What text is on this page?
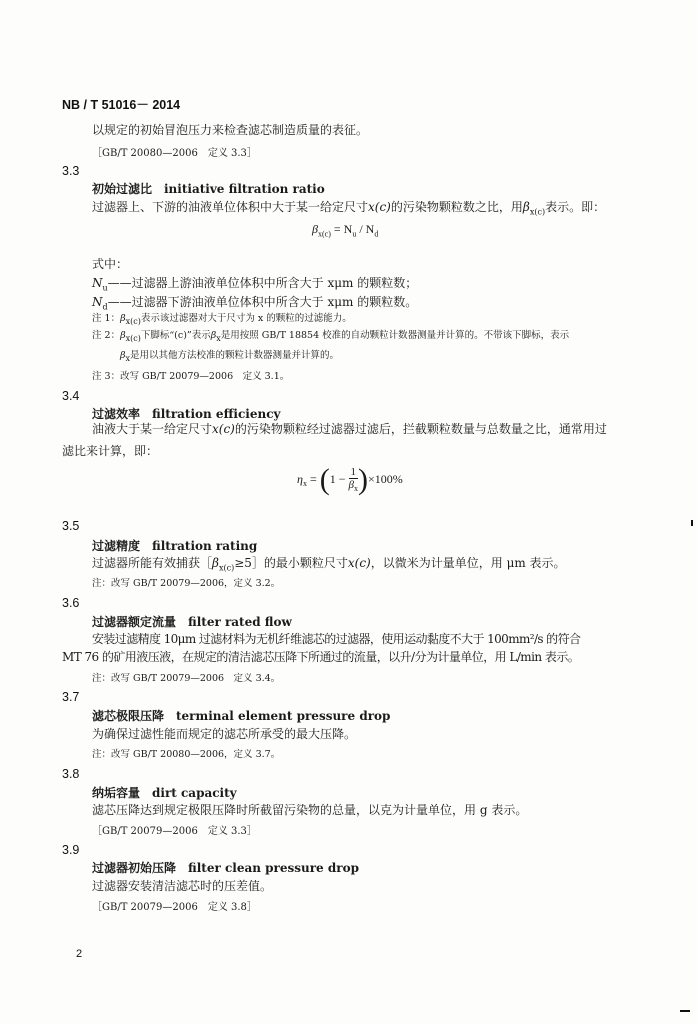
NB / T 51016－ 2014
以规定的初始冒泡压力来检查滤芯制造质量的表征。
［GB/T 20080—2006　定义 3.3］
3.3
初始过滤比　initiative filtration ratio
过滤器上、下游的油液单位体积中大于某一给定尺寸x(c)的污染物颗粒数之比，用$\beta_{x(c)}$表示。即：
$\beta_{x(c)} = N_u / N_d$
式中：
$N_u——$过滤器上游油液单位体积中所含大于 xμm 的颗粒数；
$N_d——$过滤器下游油液单位体积中所含大于 xμm 的颗粒数。
注 1：$\beta_{x(c)}$表示该过滤器对大于尺寸为 x 的颗粒的过滤能力。
注 2：$\beta_{x(c)}$下脚标“(c)”表示$\beta_x$是用按照 GB/T 18854 校准的自动颗粒计数器测量并计算的。不带该下脚标，表示
$\beta_x$是用以其他方法校准的颗粒计数器测量并计算的。
注 3：改写 GB/T 20079—2006　定义 3.1。
3.4
过滤效率　filtration efficiency
油液大于某一给定尺寸x(c)的污染物颗粒经过滤器过滤后，拦截颗粒数量与总数量之比，通常用过
滤比来计算，即：
$\eta_x = (1 - \frac{1}{\beta_x} )\times 100\%$
3.5
过滤精度　filtration rating
过滤器所能有效捕获$[\beta_{x(c)}\ge 5]$的最小颗粒尺寸x(c)，以微米为计量单位，用 μm 表示。
注：改写 GB/T 20079—2006，定义 3.2。
3.6
过滤器额定流量　filter rated flow
安装过滤精度 10μm 过滤材料为无机纤维滤芯的过滤器，使用运动黏度不大于 100mm²/s 的符合
MT 76 的矿用液压液，在规定的清洁滤芯压降下所通过的流量，以升/分为计量单位，用 L/min 表示。
注：改写 GB/T 20079—2006　定义 3.4。
3.7
滤芯极限压降　terminal element pressure drop
为确保过滤性能而规定的滤芯所承受的最大压降。
注：改写 GB/T 20080—2006，定义 3.7。
3.8
纳垢容量　dirt capacity
滤芯压降达到规定极限压降时所截留污染物的总量，以克为计量单位，用 g 表示。
［GB/T 20079—2006　定义 3.3］
3.9
过滤器初始压降　filter clean pressure drop
过滤器安装清洁滤芯时的压差值。
［GB/T 20079—2006　定义 3.8］
2
